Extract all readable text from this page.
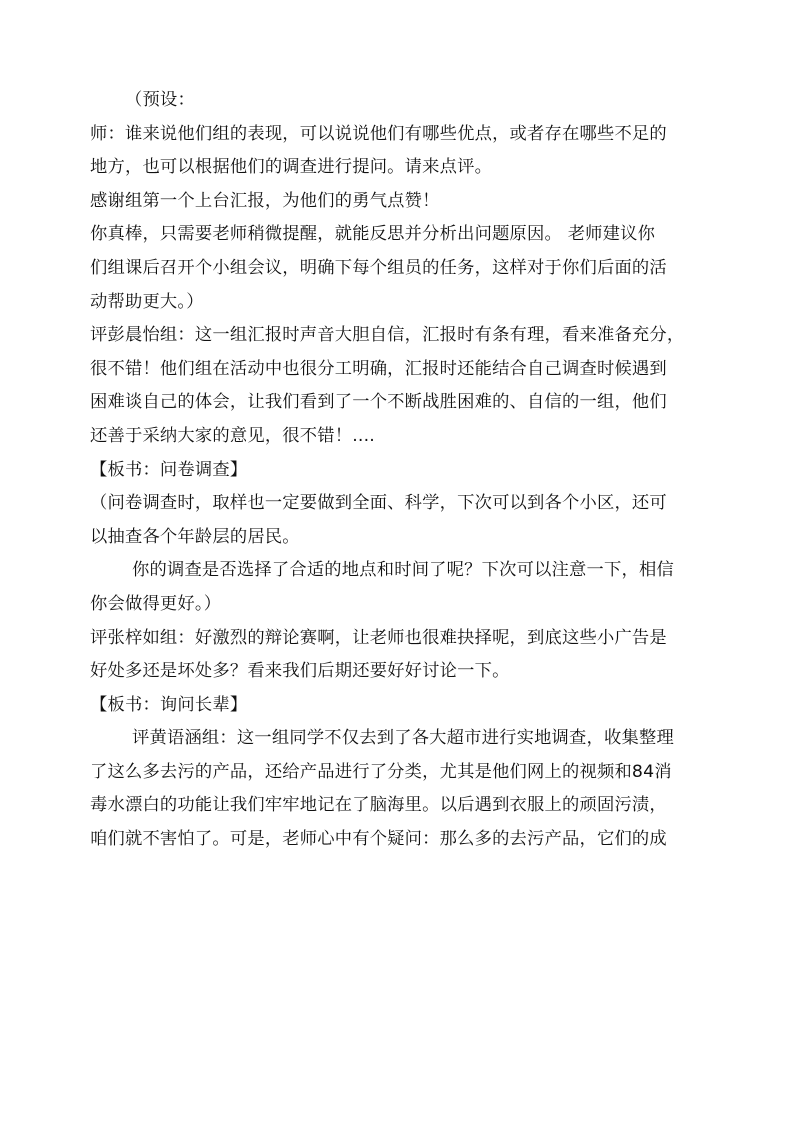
（预设：
师：谁来说他们组的表现，可以说说他们有哪些优点，或者存在哪些不足的
地方，也可以根据他们的调查进行提问。请来点评。
感谢组第一个上台汇报，为他们的勇气点赞！
你真棒，只需要老师稍微提醒，就能反思并分析出问题原因。 老师建议你
们组课后召开个小组会议，明确下每个组员的任务，这样对于你们后面的活
动帮助更大。）
评彭晨怡组：这一组汇报时声音大胆自信，汇报时有条有理，看来准备充分，
很不错！他们组在活动中也很分工明确，汇报时还能结合自己调查时候遇到
困难谈自己的体会，让我们看到了一个不断战胜困难的、自信的一组，他们
还善于采纳大家的意见，很不错！....
【板书：问卷调查】
（问卷调查时，取样也一定要做到全面、科学，下次可以到各个小区，还可
以抽查各个年龄层的居民。
你的调查是否选择了合适的地点和时间了呢？下次可以注意一下，相信
你会做得更好。）
评张梓如组：好激烈的辩论赛啊，让老师也很难抉择呢，到底这些小广告是
好处多还是坏处多？看来我们后期还要好好讨论一下。
【板书：询问长辈】
评黄语涵组：这一组同学不仅去到了各大超市进行实地调查，收集整理
了这么多去污的产品，还给产品进行了分类，尤其是他们网上的视频和84消
毒水漂白的功能让我们牢牢地记在了脑海里。以后遇到衣服上的顽固污渍，
咱们就不害怕了。可是，老师心中有个疑问：那么多的去污产品，它们的成
